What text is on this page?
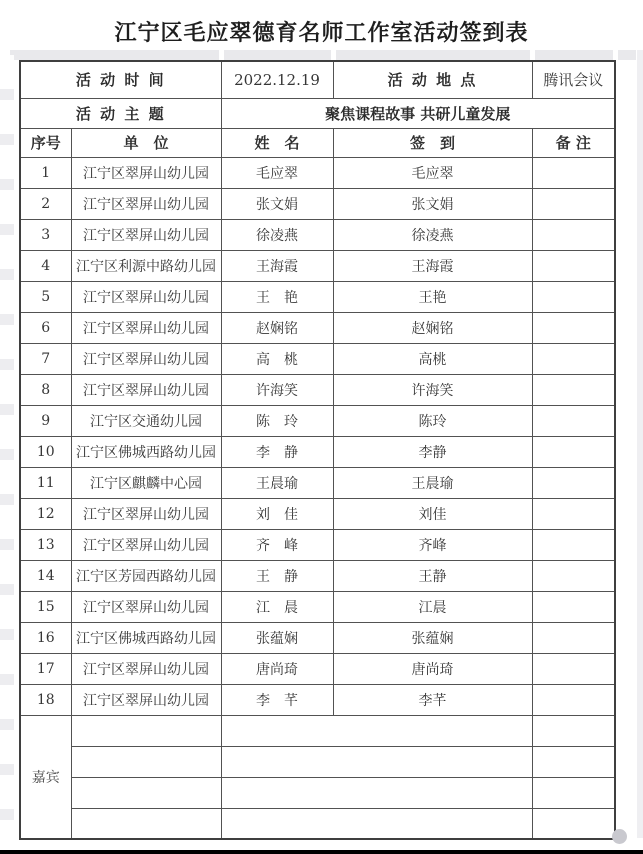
江宁区毛应翠德育名师工作室活动签到表
活 动 时 间		2022.12.19	活 动 地 点	腾讯会议
活 动 主 题		聚焦课程故事 共研儿童发展		
序号	单　位	姓　名	签　到	备 注
1	江宁区翠屏山幼儿园	毛应翠	毛应翠	
2	江宁区翠屏山幼儿园	张文娟	张文娟	
3	江宁区翠屏山幼儿园	徐凌燕	徐凌燕	
4	江宁区利源中路幼儿园	王海霞	王海霞	
5	江宁区翠屏山幼儿园	王　艳	王艳	
6	江宁区翠屏山幼儿园	赵娴铭	赵娴铭	
7	江宁区翠屏山幼儿园	高　桃	高桃	
8	江宁区翠屏山幼儿园	许海笑	许海笑	
9	江宁区交通幼儿园	陈　玲	陈玲	
10	江宁区佛城西路幼儿园	李　静	李静	
11	江宁区麒麟中心园	王晨瑜	王晨瑜	
12	江宁区翠屏山幼儿园	刘　佳	刘佳	
13	江宁区翠屏山幼儿园	齐　峰	齐峰	
14	江宁区芳园西路幼儿园	王　静	王静	
15	江宁区翠屏山幼儿园	江　晨	江晨	
16	江宁区佛城西路幼儿园	张蕴娴	张蕴娴	
17	江宁区翠屏山幼儿园	唐尚琦	唐尚琦	
18	江宁区翠屏山幼儿园	李　芊	李芊	
嘉宾				
